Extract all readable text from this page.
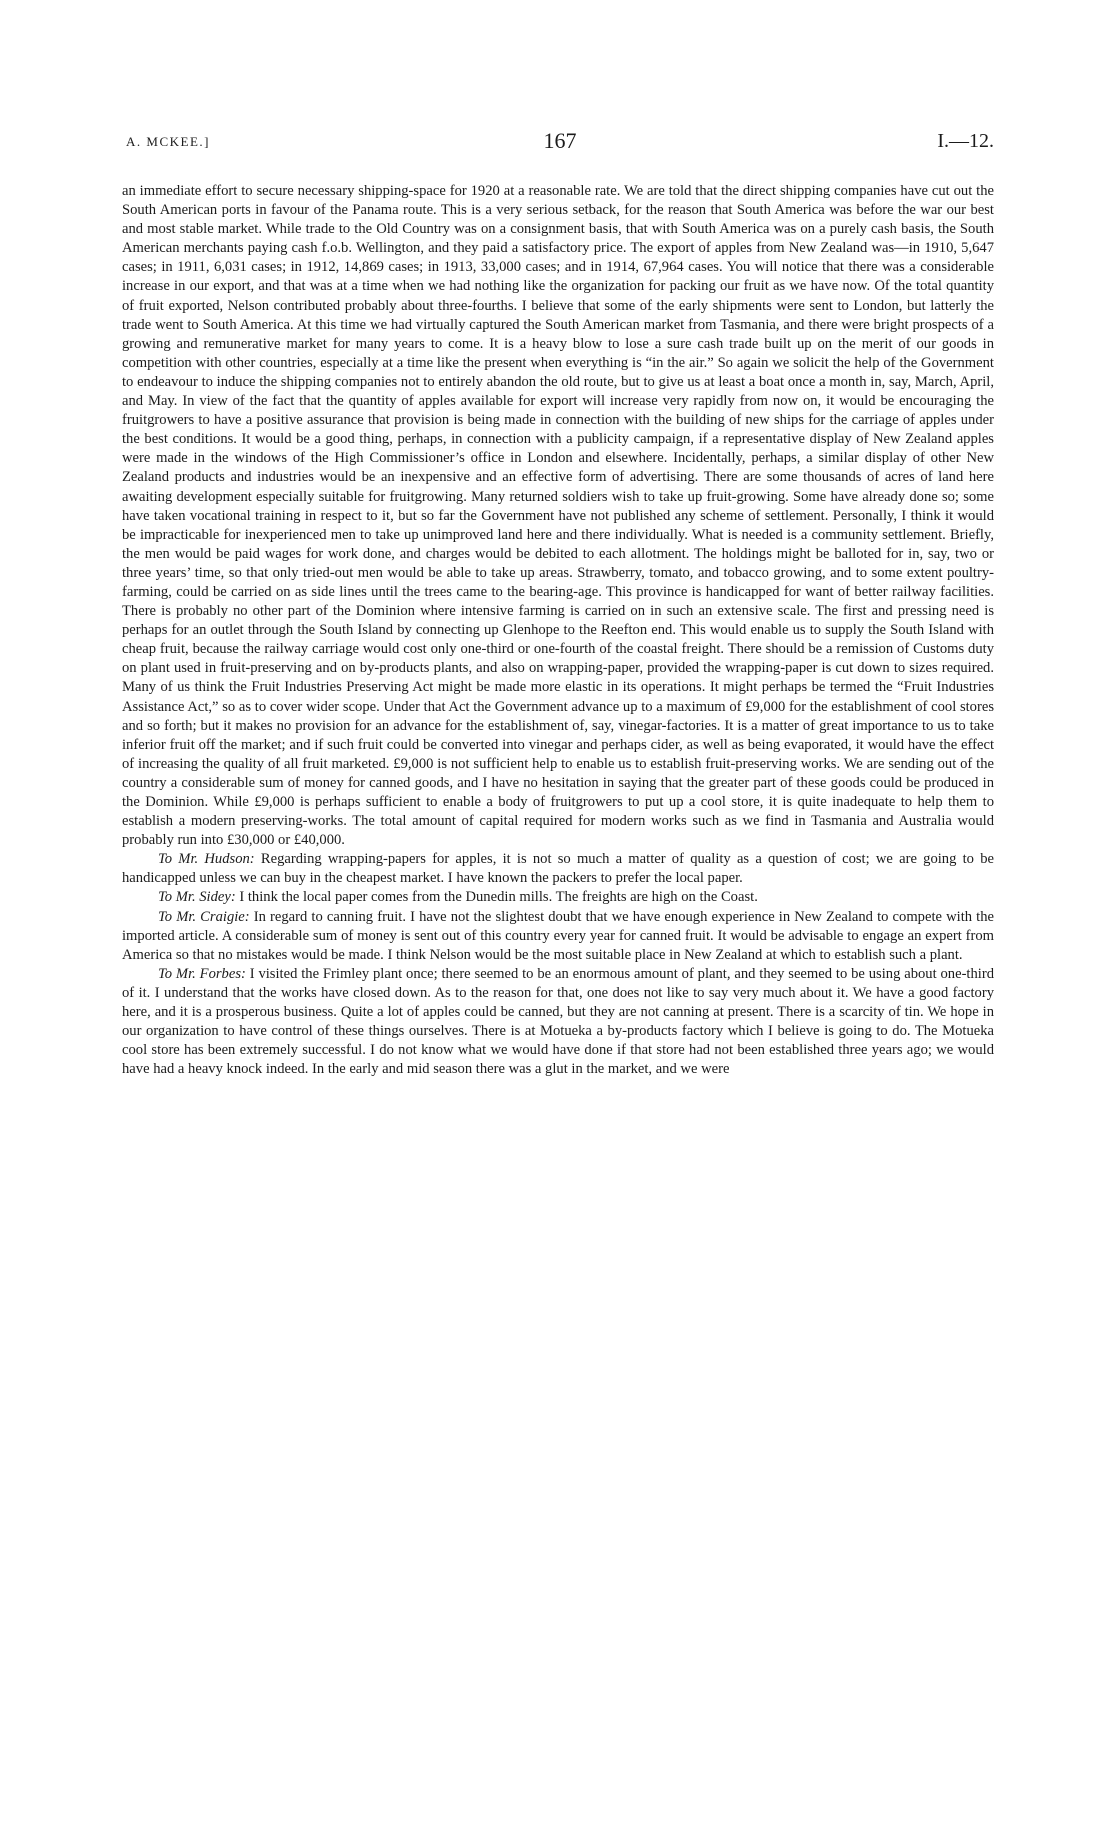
A. MCKEE.]	167	I.—12.

an immediate effort to secure necessary shipping-space for 1920 at a reasonable rate. We are told that the direct shipping companies have cut out the South American ports in favour of the Panama route. This is a very serious setback, for the reason that South America was before the war our best and most stable market. While trade to the Old Country was on a consignment basis, that with South America was on a purely cash basis, the South American merchants paying cash f.o.b. Wellington, and they paid a satisfactory price. The export of apples from New Zealand was—in 1910, 5,647 cases; in 1911, 6,031 cases; in 1912, 14,869 cases; in 1913, 33,000 cases; and in 1914, 67,964 cases. You will notice that there was a considerable increase in our export, and that was at a time when we had nothing like the organization for packing our fruit as we have now. Of the total quantity of fruit exported, Nelson contributed probably about three-fourths. I believe that some of the early shipments were sent to London, but latterly the trade went to South America. At this time we had virtually captured the South American market from Tasmania, and there were bright prospects of a growing and remunerative market for many years to come. It is a heavy blow to lose a sure cash trade built up on the merit of our goods in competition with other countries, especially at a time like the present when everything is “in the air.” So again we solicit the help of the Government to endeavour to induce the shipping companies not to entirely abandon the old route, but to give us at least a boat once a month in, say, March, April, and May. In view of the fact that the quantity of apples available for export will increase very rapidly from now on, it would be encouraging the fruitgrowers to have a positive assurance that provision is being made in connection with the building of new ships for the carriage of apples under the best conditions. It would be a good thing, perhaps, in connection with a publicity campaign, if a representative display of New Zealand apples were made in the windows of the High Commissioner’s office in London and elsewhere. Incidentally, perhaps, a similar display of other New Zealand products and industries would be an inexpensive and an effective form of advertising. There are some thousands of acres of land here awaiting development especially suitable for fruitgrowing. Many returned soldiers wish to take up fruit-growing. Some have already done so; some have taken vocational training in respect to it, but so far the Government have not published any scheme of settlement. Personally, I think it would be impracticable for inexperienced men to take up unimproved land here and there individually. What is needed is a community settlement. Briefly, the men would be paid wages for work done, and charges would be debited to each allotment. The holdings might be balloted for in, say, two or three years’ time, so that only tried-out men would be able to take up areas. Strawberry, tomato, and tobacco growing, and to some extent poultry-farming, could be carried on as side lines until the trees came to the bearing-age. This province is handicapped for want of better railway facilities. There is probably no other part of the Dominion where intensive farming is carried on in such an extensive scale. The first and pressing need is perhaps for an outlet through the South Island by connecting up Glenhope to the Reefton end. This would enable us to supply the South Island with cheap fruit, because the railway carriage would cost only one-third or one-fourth of the coastal freight. There should be a remission of Customs duty on plant used in fruit-preserving and on by-products plants, and also on wrapping-paper, provided the wrapping-paper is cut down to sizes required. Many of us think the Fruit Industries Preserving Act might be made more elastic in its operations. It might perhaps be termed the “Fruit Industries Assistance Act,” so as to cover wider scope. Under that Act the Government advance up to a maximum of £9,000 for the establishment of cool stores and so forth; but it makes no provision for an advance for the establishment of, say, vinegar-factories. It is a matter of great importance to us to take inferior fruit off the market; and if such fruit could be converted into vinegar and perhaps cider, as well as being evaporated, it would have the effect of increasing the quality of all fruit marketed. £9,000 is not sufficient help to enable us to establish fruit-preserving works. We are sending out of the country a considerable sum of money for canned goods, and I have no hesitation in saying that the greater part of these goods could be produced in the Dominion. While £9,000 is perhaps sufficient to enable a body of fruitgrowers to put up a cool store, it is quite inadequate to help them to establish a modern preserving-works. The total amount of capital required for modern works such as we find in Tasmania and Australia would probably run into £30,000 or £40,000.

To Mr. Hudson: Regarding wrapping-papers for apples, it is not so much a matter of quality as a question of cost; we are going to be handicapped unless we can buy in the cheapest market. I have known the packers to prefer the local paper.

To Mr. Sidey: I think the local paper comes from the Dunedin mills. The freights are high on the Coast.

To Mr. Craigie: In regard to canning fruit. I have not the slightest doubt that we have enough experience in New Zealand to compete with the imported article. A considerable sum of money is sent out of this country every year for canned fruit. It would be advisable to engage an expert from America so that no mistakes would be made. I think Nelson would be the most suitable place in New Zealand at which to establish such a plant.

To Mr. Forbes: I visited the Frimley plant once; there seemed to be an enormous amount of plant, and they seemed to be using about one-third of it. I understand that the works have closed down. As to the reason for that, one does not like to say very much about it. We have a good factory here, and it is a prosperous business. Quite a lot of apples could be canned, but they are not canning at present. There is a scarcity of tin. We hope in our organization to have control of these things ourselves. There is at Motueka a by-products factory which I believe is going to do. The Motueka cool store has been extremely successful. I do not know what we would have done if that store had not been established three years ago; we would have had a heavy knock indeed. In the early and mid season there was a glut in the market, and we were
